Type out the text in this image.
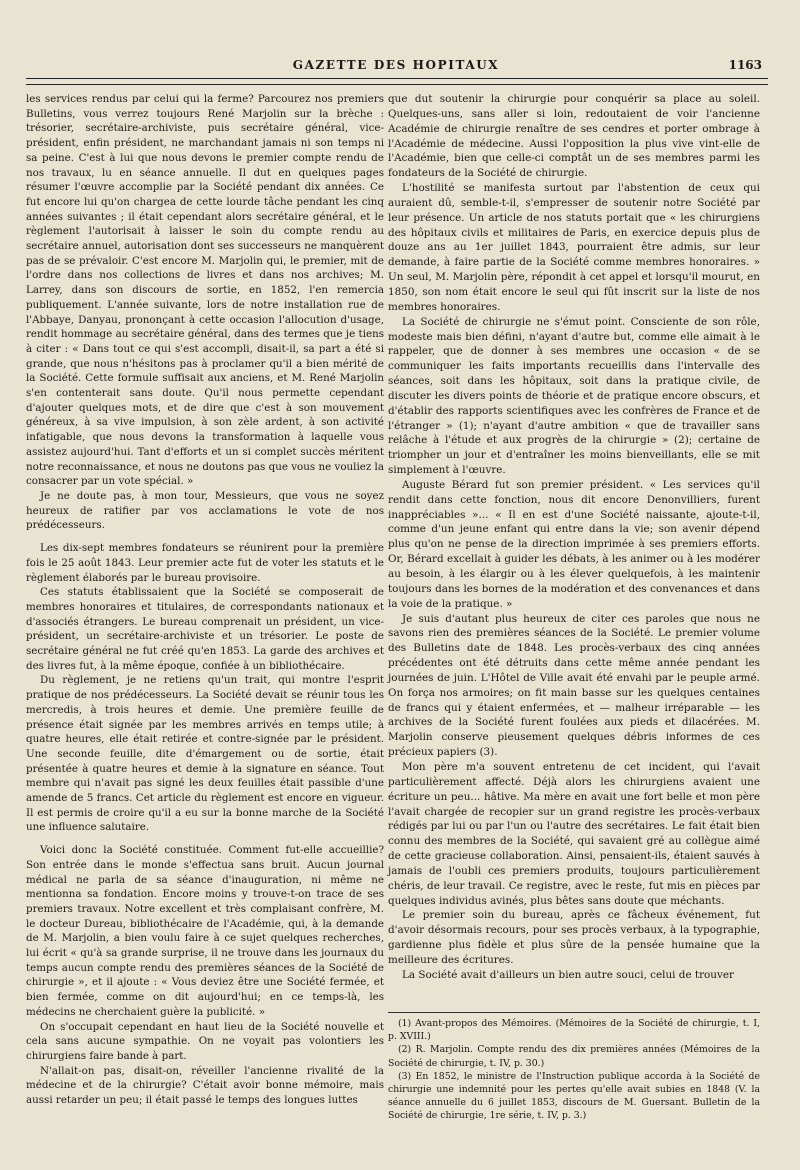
GAZETTE DES HOPITAUX	1163

les services rendus par celui qui la ferme? Parcourez nos premiers Bulletins, vous verrez toujours René Marjolin sur la brèche : trésorier, secrétaire-archiviste, puis secrétaire général, vice-président, enfin président, ne marchandant jamais ni son temps ni sa peine. C'est à lui que nous devons le premier compte rendu de nos travaux, lu en séance annuelle. Il dut en quelques pages résumer l'œuvre accomplie par la Société pendant dix années. Ce fut encore lui qu'on chargea de cette lourde tâche pendant les cinq années suivantes ; il était cependant alors secrétaire général, et le règlement l'autorisait à laisser le soin du compte rendu au secrétaire annuel, autorisation dont ses successeurs ne manquèrent pas de se prévaloir. C'est encore M. Marjolin qui, le premier, mit de l'ordre dans nos collections de livres et dans nos archives; M. Larrey, dans son discours de sortie, en 1852, l'en remercia publiquement. L'année suivante, lors de notre installation rue de l'Abbaye, Danyau, prononçant à cette occasion l'allocution d'usage, rendit hommage au secrétaire général, dans des termes que je tiens à citer : « Dans tout ce qui s'est accompli, disait-il, sa part a été si grande, que nous n'hésitons pas à proclamer qu'il a bien mérité de la Société. Cette formule suffisait aux anciens, et M. René Marjolin s'en contenterait sans doute. Qu'il nous permette cependant d'ajouter quelques mots, et de dire que c'est à son mouvement généreux, à sa vive impulsion, à son zèle ardent, à son activité infatigable, que nous devons la transformation à laquelle vous assistez aujourd'hui. Tant d'efforts et un si complet succès méritent notre reconnaissance, et nous ne doutons pas que vous ne vouliez la consacrer par un vote spécial. »

Je ne doute pas, à mon tour, Messieurs, que vous ne soyez heureux de ratifier par vos acclamations le vote de nos prédécesseurs.

Les dix-sept membres fondateurs se réunirent pour la première fois le 25 août 1843. Leur premier acte fut de voter les statuts et le règlement élaborés par le bureau provisoire.

Ces statuts établissaient que la Société se composerait de membres honoraires et titulaires, de correspondants nationaux et d'associés étrangers. Le bureau comprenait un président, un vice-président, un secrétaire-archiviste et un trésorier. Le poste de secrétaire général ne fut créé qu'en 1853. La garde des archives et des livres fut, à la même époque, confiée à un bibliothécaire.

Du règlement, je ne retiens qu'un trait, qui montre l'esprit pratique de nos prédécesseurs. La Société devait se réunir tous les mercredis, à trois heures et demie. Une première feuille de présence était signée par les membres arrivés en temps utile; à quatre heures, elle était retirée et contre-signée par le président. Une seconde feuille, dite d'émargement ou de sortie, était présentée à quatre heures et demie à la signature en séance. Tout membre qui n'avait pas signé les deux feuilles était passible d'une amende de 5 francs. Cet article du règlement est encore en vigueur. Il est permis de croire qu'il a eu sur la bonne marche de la Société une influence salutaire.

Voici donc la Société constituée. Comment fut-elle accueillie? Son entrée dans le monde s'effectua sans bruit. Aucun journal médical ne parla de sa séance d'inauguration, ni même ne mentionna sa fondation. Encore moins y trouve-t-on trace de ses premiers travaux. Notre excellent et très complaisant confrère, M. le docteur Dureau, bibliothécaire de l'Académie, qui, à la demande de M. Marjolin, a bien voulu faire à ce sujet quelques recherches, lui écrit « qu'à sa grande surprise, il ne trouve dans les journaux du temps aucun compte rendu des premières séances de la Société de chirurgie », et il ajoute : « Vous deviez être une Société fermée, et bien fermée, comme on dit aujourd'hui; en ce temps-là, les médecins ne cherchaient guère la publicité. »

On s'occupait cependant en haut lieu de la Société nouvelle et cela sans aucune sympathie. On ne voyait pas volontiers les chirurgiens faire bande à part.

N'allait-on pas, disait-on, réveiller l'ancienne rivalité de la médecine et de la chirurgie? C'était avoir bonne mémoire, mais aussi retarder un peu; il était passé le temps des longues luttes

que dut soutenir la chirurgie pour conquérir sa place au soleil. Quelques-uns, sans aller si loin, redoutaient de voir l'ancienne Académie de chirurgie renaître de ses cendres et porter ombrage à l'Académie de médecine. Aussi l'opposition la plus vive vint-elle de l'Académie, bien que celle-ci comptât un de ses membres parmi les fondateurs de la Société de chirurgie.

L'hostilité se manifesta surtout par l'abstention de ceux qui auraient dû, semble-t-il, s'empresser de soutenir notre Société par leur présence. Un article de nos statuts portait que « les chirurgiens des hôpitaux civils et militaires de Paris, en exercice depuis plus de douze ans au 1er juillet 1843, pourraient être admis, sur leur demande, à faire partie de la Société comme membres honoraires. » Un seul, M. Marjolin père, répondit à cet appel et lorsqu'il mourut, en 1850, son nom était encore le seul qui fût inscrit sur la liste de nos membres honoraires.

La Société de chirurgie ne s'émut point. Consciente de son rôle, modeste mais bien défini, n'ayant d'autre but, comme elle aimait à le rappeler, que de donner à ses membres une occasion « de se communiquer les faits importants recueillis dans l'intervalle des séances, soit dans les hôpitaux, soit dans la pratique civile, de discuter les divers points de théorie et de pratique encore obscurs, et d'établir des rapports scientifiques avec les confrères de France et de l'étranger » (1); n'ayant d'autre ambition « que de travailler sans relâche à l'étude et aux progrès de la chirurgie » (2); certaine de triompher un jour et d'entraîner les moins bienveillants, elle se mit simplement à l'œuvre.

Auguste Bérard fut son premier président. « Les services qu'il rendit dans cette fonction, nous dit encore Denonvilliers, furent inappréciables »... « Il en est d'une Société naissante, ajoute-t-il, comme d'un jeune enfant qui entre dans la vie; son avenir dépend plus qu'on ne pense de la direction imprimée à ses premiers efforts. Or, Bérard excellait à guider les débats, à les animer ou à les modérer au besoin, à les élargir ou à les élever quelquefois, à les maintenir toujours dans les bornes de la modération et des convenances et dans la voie de la pratique. »

Je suis d'autant plus heureux de citer ces paroles que nous ne savons rien des premières séances de la Société. Le premier volume des Bulletins date de 1848. Les procès-verbaux des cinq années précédentes ont été détruits dans cette même année pendant les journées de juin. L'Hôtel de Ville avait été envahi par le peuple armé. On força nos armoires; on fit main basse sur les quelques centaines de francs qui y étaient enfermées, et — malheur irréparable — les archives de la Société furent foulées aux pieds et dilacérées. M. Marjolin conserve pieusement quelques débris informes de ces précieux papiers (3).

Mon père m'a souvent entretenu de cet incident, qui l'avait particulièrement affecté. Déjà alors les chirurgiens avaient une écriture un peu... hâtive. Ma mère en avait une fort belle et mon père l'avait chargée de recopier sur un grand registre les procès-verbaux rédigés par lui ou par l'un ou l'autre des secrétaires. Le fait était bien connu des membres de la Société, qui savaient gré au collègue aimé de cette gracieuse collaboration. Ainsi, pensaient-ils, étaient sauvés à jamais de l'oubli ces premiers produits, toujours particulièrement chéris, de leur travail. Ce registre, avec le reste, fut mis en pièces par quelques individus avinés, plus bêtes sans doute que méchants.

Le premier soin du bureau, après ce fâcheux événement, fut d'avoir désormais recours, pour ses procès verbaux, à la typographie, gardienne plus fidèle et plus sûre de la pensée humaine que la meilleure des écritures.

La Société avait d'ailleurs un bien autre souci, celui de trouver

(1) Avant-propos des Mémoires. (Mémoires de la Société de chirurgie, t. I, p. XVIII.)

(2) R. Marjolin. Compte rendu des dix premières années (Mémoires de la Société de chirurgie, t. IV, p. 30.)

(3) En 1852, le ministre de l'Instruction publique accorda à la Société de chirurgie une indemnité pour les pertes qu'elle avait subies en 1848 (V. la séance annuelle du 6 juillet 1853, discours de M. Guersant. Bulletin de la Société de chirurgie, 1re série, t. IV, p. 3.)
